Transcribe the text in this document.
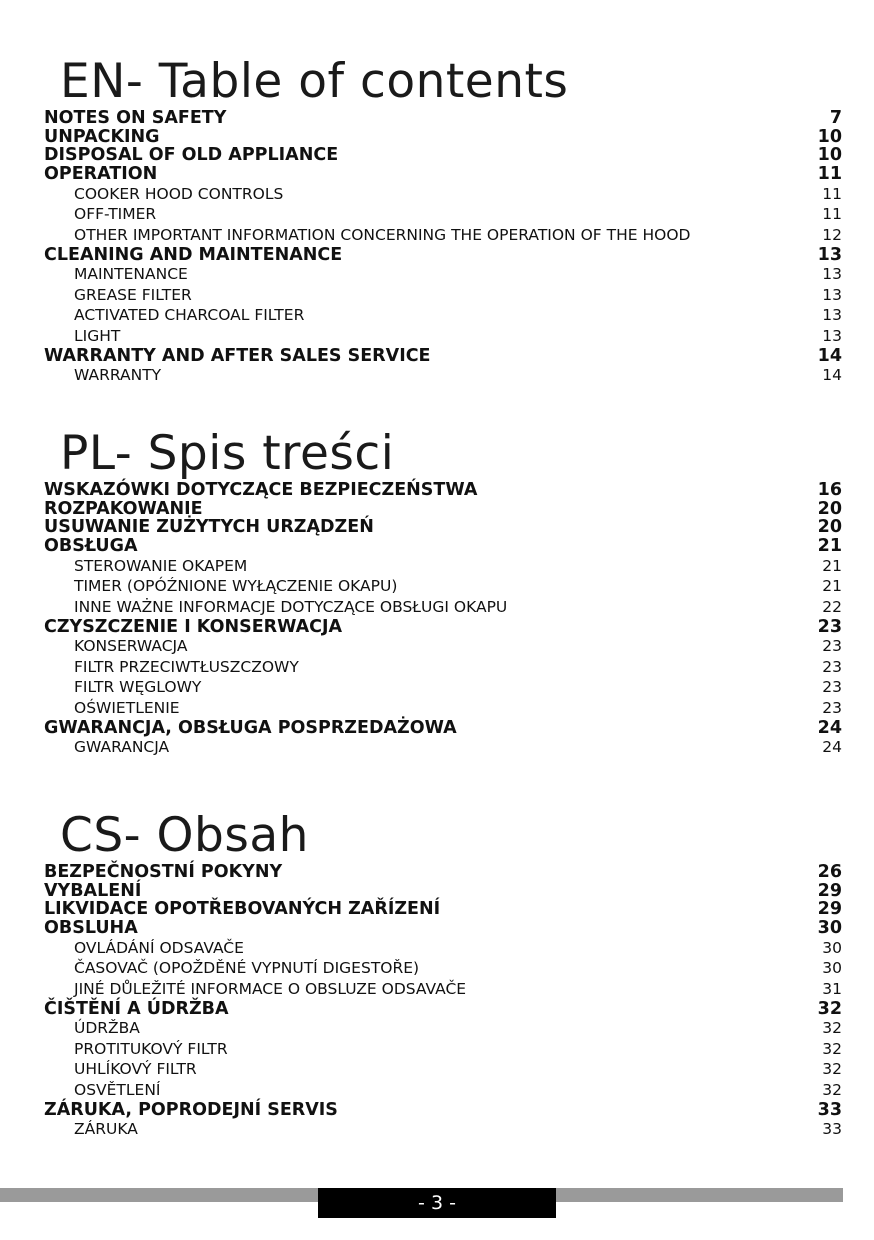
EN- Table of contents
NOTES ON SAFETY	7
UNPACKING	10
DISPOSAL OF OLD APPLIANCE	10
OPERATION	11
COOKER HOOD CONTROLS	11
OFF-TIMER	11
OTHER IMPORTANT INFORMATION CONCERNING THE OPERATION OF THE HOOD	12
CLEANING AND MAINTENANCE	13
MAINTENANCE	13
GREASE FILTER	13
ACTIVATED CHARCOAL FILTER	13
LIGHT	13
WARRANTY AND AFTER SALES SERVICE	14
WARRANTY	14
PL- Spis treści
WSKAZÓWKI DOTYCZĄCE BEZPIECZEŃSTWA	16
ROZPAKOWANIE	20
USUWANIE ZUŻYTYCH URZĄDZEŃ	20
OBSŁUGA	21
STEROWANIE OKAPEM	21
TIMER (OPÓŹNIONE WYŁĄCZENIE OKAPU)	21
INNE WAŻNE INFORMACJE DOTYCZĄCE OBSŁUGI OKAPU	22
CZYSZCZENIE I KONSERWACJA	23
KONSERWACJA	23
FILTR PRZECIWTŁUSZCZOWY	23
FILTR WĘGLOWY	23
OŚWIETLENIE	23
GWARANCJA, OBSŁUGA POSPRZEDAŻOWA	24
GWARANCJA	24
CS- Obsah
BEZPEČNOSTNÍ POKYNY	26
VYBALENÍ	29
LIKVIDACE OPOTŘEBOVANÝCH ZAŘÍZENÍ	29
OBSLUHA	30
OVLÁDÁNÍ ODSAVAČE	30
ČASOVAČ (OPOŽDĚNÉ VYPNUTÍ DIGESTOŘE)	30
JINÉ DŮLEŽITÉ INFORMACE O OBSLUZE ODSAVAČE	31
ČIŠTĚNÍ A ÚDRŽBA	32
ÚDRŽBA	32
PROTITUKOVÝ FILTR	32
UHLÍKOVÝ FILTR	32
OSVĚTLENÍ	32
ZÁRUKA, POPRODEJNÍ SERVIS	33
ZÁRUKA	33
- 3 -
